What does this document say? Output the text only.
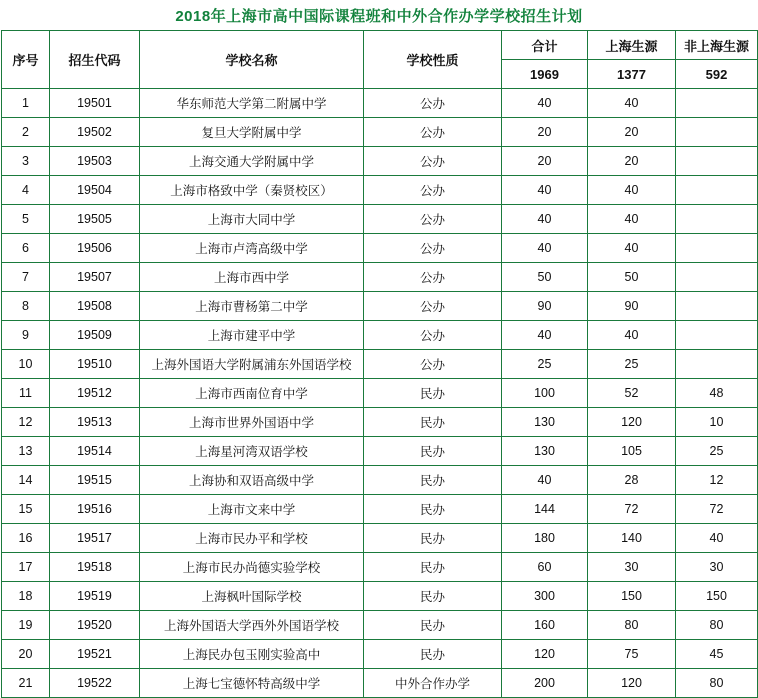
2018年上海市高中国际课程班和中外合作办学学校招生计划
序号	招生代码	学校名称	学校性质	合计	上海生源	非上海生源
				1969	1377	592
1	19501	华东师范大学第二附属中学	公办	40	40	
2	19502	复旦大学附属中学	公办	20	20	
3	19503	上海交通大学附属中学	公办	20	20	
4	19504	上海市格致中学（秦贤校区）	公办	40	40	
5	19505	上海市大同中学	公办	40	40	
6	19506	上海市卢湾高级中学	公办	40	40	
7	19507	上海市西中学	公办	50	50	
8	19508	上海市曹杨第二中学	公办	90	90	
9	19509	上海市建平中学	公办	40	40	
10	19510	上海外国语大学附属浦东外国语学校	公办	25	25	
11	19512	上海市西南位育中学	民办	100	52	48
12	19513	上海市世界外国语中学	民办	130	120	10
13	19514	上海星河湾双语学校	民办	130	105	25
14	19515	上海协和双语高级中学	民办	40	28	12
15	19516	上海市文来中学	民办	144	72	72
16	19517	上海市民办平和学校	民办	180	140	40
17	19518	上海市民办尚德实验学校	民办	60	30	30
18	19519	上海枫叶国际学校	民办	300	150	150
19	19520	上海外国语大学西外外国语学校	民办	160	80	80
20	19521	上海民办包玉刚实验高中	民办	120	75	45
21	19522	上海七宝德怀特高级中学	中外合作办学	200	120	80
